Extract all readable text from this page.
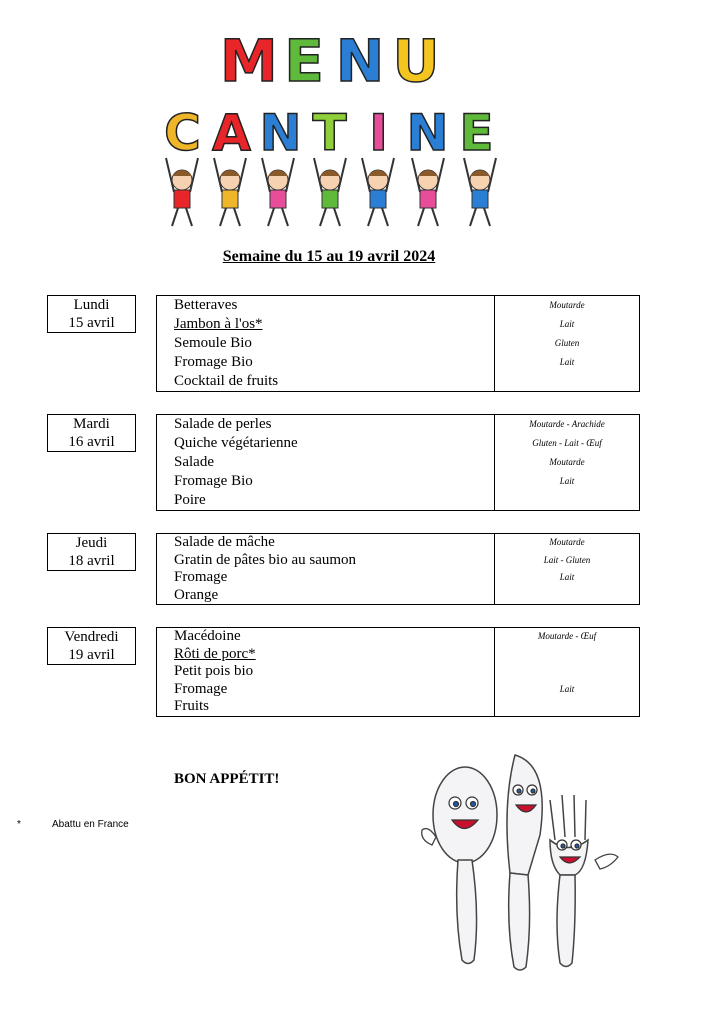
M E N U
C A N T I N E
Semaine du 15 au 19 avril 2024
Lundi
15 avril
Betteraves
Jambon à l'os*
Semoule Bio
Fromage Bio
Cocktail de fruits
Moutarde
Lait
Gluten
Lait
Mardi
16 avril
Salade de perles
Quiche végétarienne
Salade
Fromage Bio
Poire
Moutarde - Arachide
Gluten - Lait - Œuf
Moutarde
Lait
Jeudi
18 avril
Salade de mâche
Gratin de pâtes bio au saumon
Fromage
Orange
Moutarde
Lait - Gluten
Lait
Vendredi
19 avril
Macédoine
Rôti de porc*
Petit pois bio
Fromage
Fruits
Moutarde - Œuf
Lait
BON APPÉTIT!
*	Abattu en France
